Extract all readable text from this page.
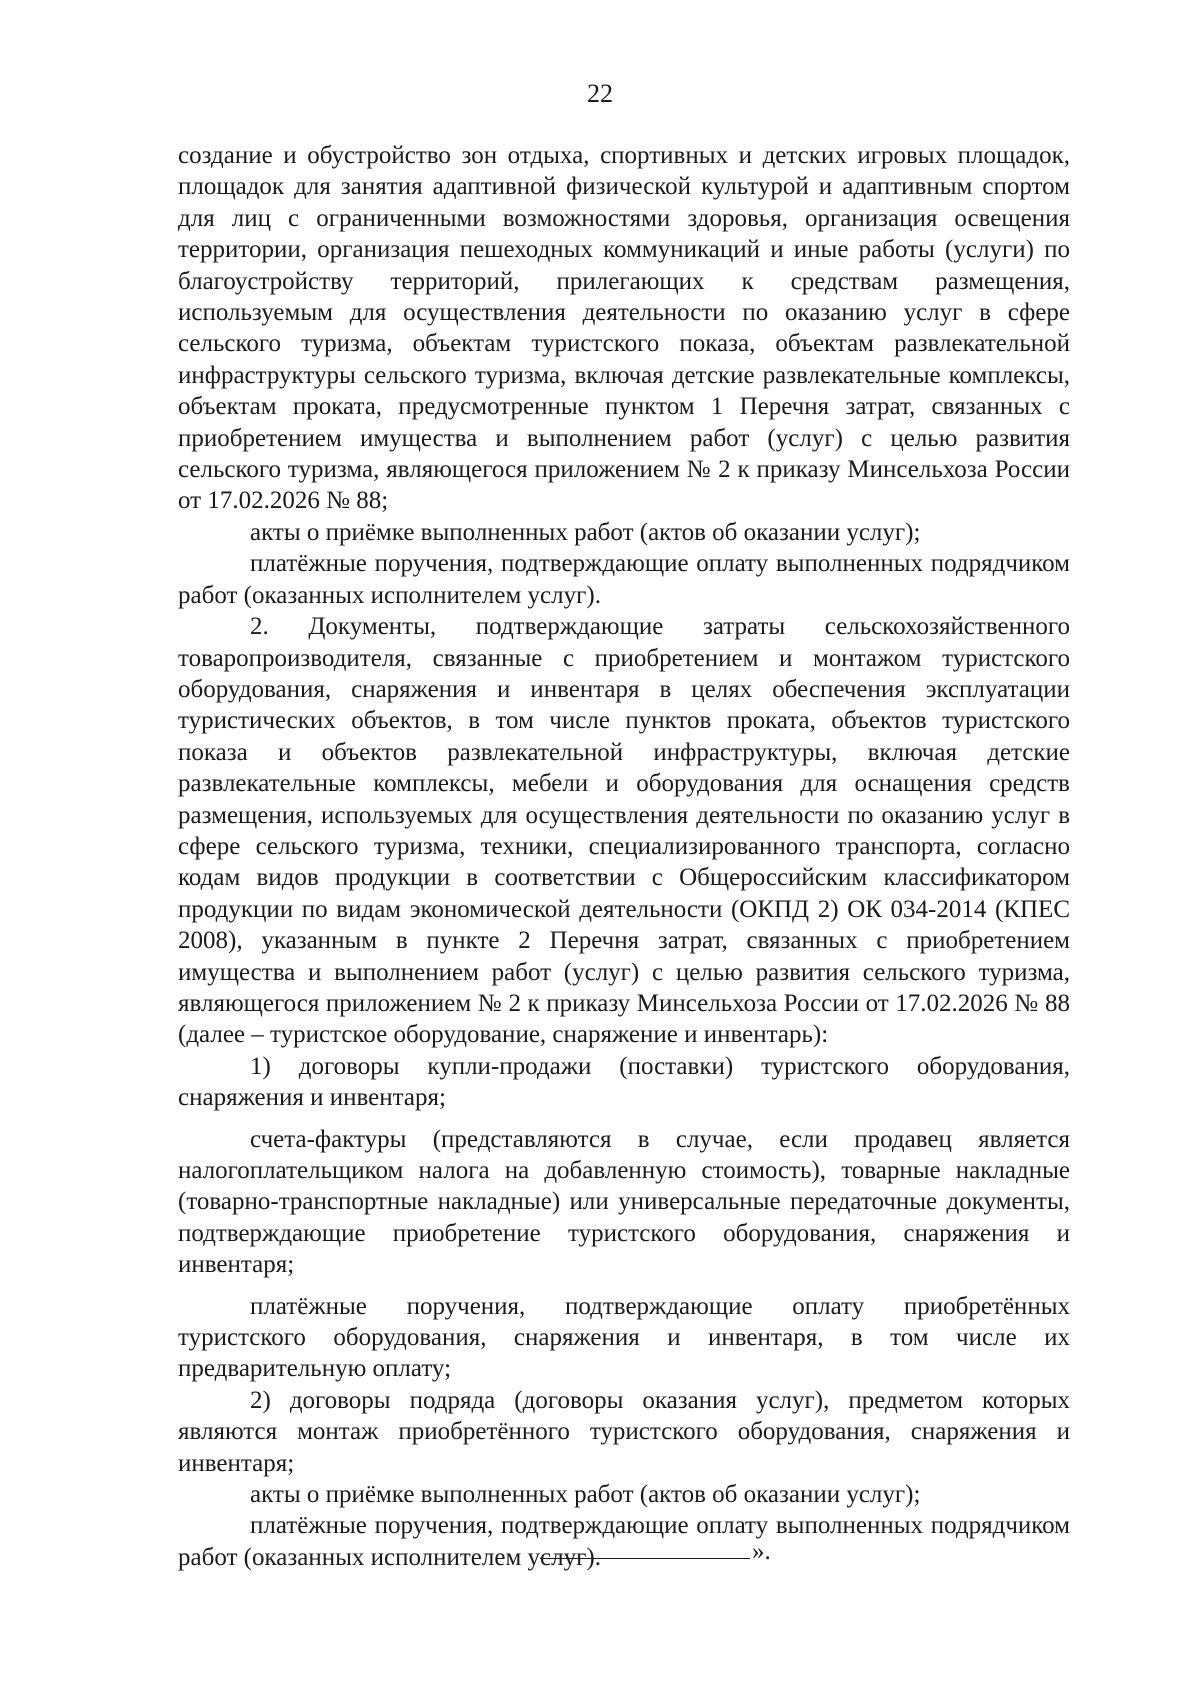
22

создание и обустройство зон отдыха, спортивных и детских игровых площадок, площадок для занятия адаптивной физической культурой и адаптивным спортом для лиц с ограниченными возможностями здоровья, организация освещения территории, организация пешеходных коммуникаций и иные работы (услуги) по благоустройству территорий, прилегающих к средствам размещения, используемым для осуществления деятельности по оказанию услуг в сфере сельского туризма, объектам туристского показа, объектам развлекательной инфраструктуры сельского туризма, включая детские развлекательные комплексы, объектам проката, предусмотренные пунктом 1 Перечня затрат, связанных с приобретением имущества и выполнением работ (услуг) с целью развития сельского туризма, являющегося приложением № 2 к приказу Минсельхоза России от 17.02.2026 № 88;

акты о приёмке выполненных работ (актов об оказании услуг);

платёжные поручения, подтверждающие оплату выполненных подрядчиком работ (оказанных исполнителем услуг).

2. Документы, подтверждающие затраты сельскохозяйственного товаропроизводителя, связанные с приобретением и монтажом туристского оборудования, снаряжения и инвентаря в целях обеспечения эксплуатации туристических объектов, в том числе пунктов проката, объектов туристского показа и объектов развлекательной инфраструктуры, включая детские развлекательные комплексы, мебели и оборудования для оснащения средств размещения, используемых для осуществления деятельности по оказанию услуг в сфере сельского туризма, техники, специализированного транспорта, согласно кодам видов продукции в соответствии с Общероссийским классификатором продукции по видам экономической деятельности (ОКПД 2) ОК 034-2014 (КПЕС 2008), указанным в пункте 2 Перечня затрат, связанных с приобретением имущества и выполнением работ (услуг) с целью развития сельского туризма, являющегося приложением № 2 к приказу Минсельхоза России от 17.02.2026 № 88 (далее – туристское оборудование, снаряжение и инвентарь):

1) договоры купли-продажи (поставки) туристского оборудования, снаряжения и инвентаря;

счета-фактуры (представляются в случае, если продавец является налогоплательщиком налога на добавленную стоимость), товарные накладные (товарно-транспортные накладные) или универсальные передаточные документы, подтверждающие приобретение туристского оборудования, снаряжения и инвентаря;

платёжные поручения, подтверждающие оплату приобретённых туристского оборудования, снаряжения и инвентаря, в том числе их предварительную оплату;

2) договоры подряда (договоры оказания услуг), предметом которых являются монтаж приобретённого туристского оборудования, снаряжения и инвентаря;

акты о приёмке выполненных работ (актов об оказании услуг);

платёжные поручения, подтверждающие оплату выполненных подрядчиком работ (оказанных исполнителем услуг).	».
